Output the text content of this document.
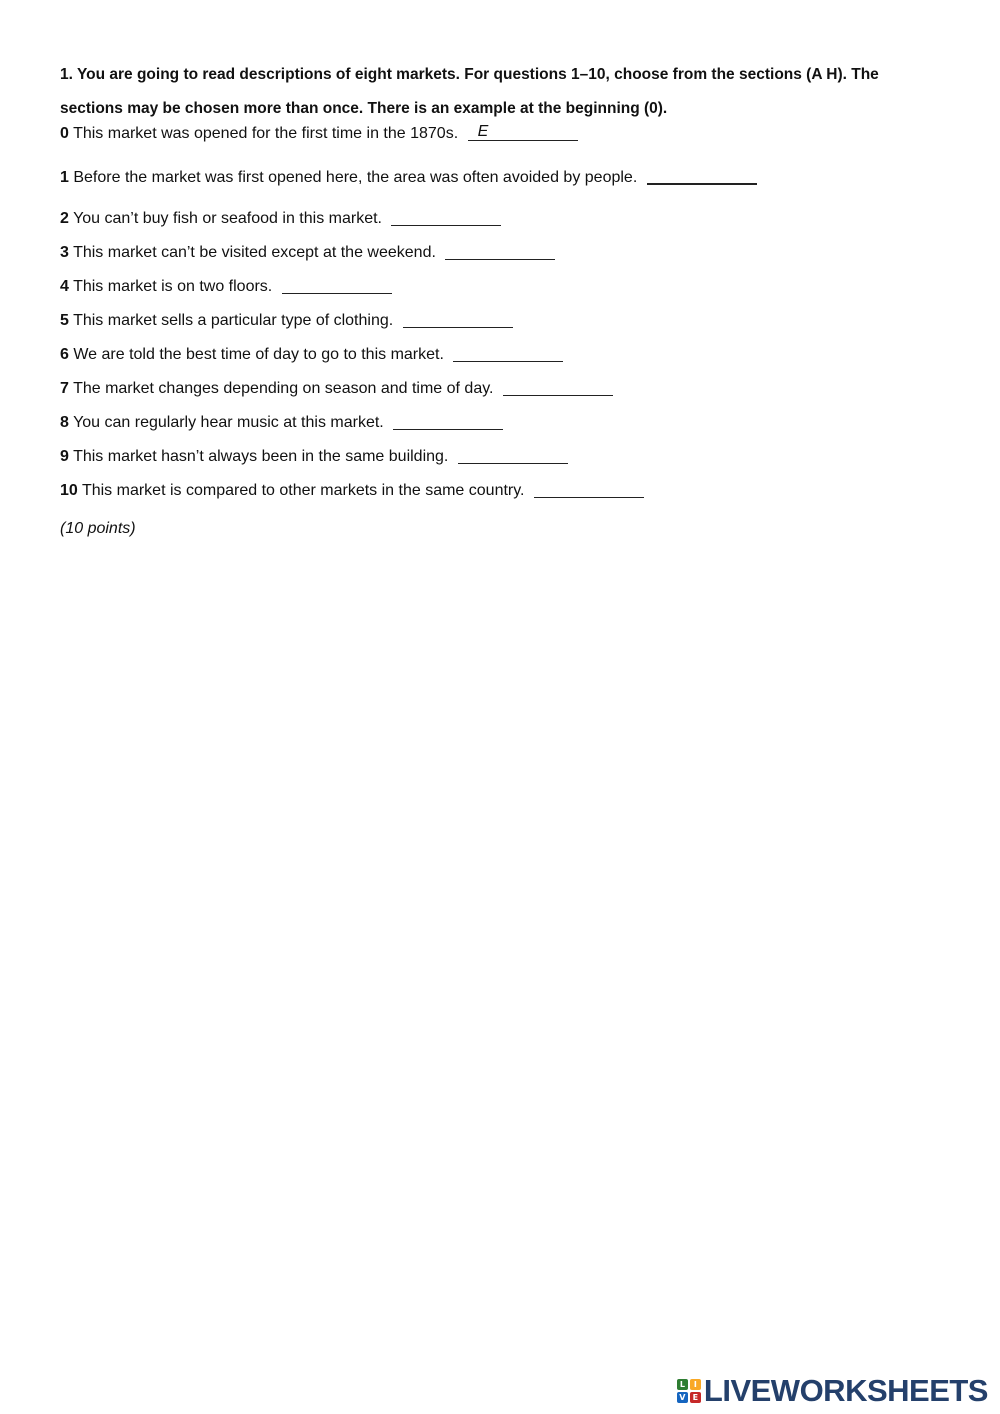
1. You are going to read descriptions of eight markets. For questions 1–10, choose from the sections (A H). The
sections may be chosen more than once. There is an example at the beginning (0).
0 This market was opened for the first time in the 1870s. E
1 Before the market was first opened here, the area was often avoided by people.
2 You can’t buy fish or seafood in this market.
3 This market can’t be visited except at the weekend.
4 This market is on two floors.
5 This market sells a particular type of clothing.
6 We are told the best time of day to go to this market.
7 The market changes depending on season and time of day.
8 You can regularly hear music at this market.
9 This market hasn’t always been in the same building.
10 This market is compared to other markets in the same country.
(10 points)
L	I
V E LIVEWORKSHEETS
